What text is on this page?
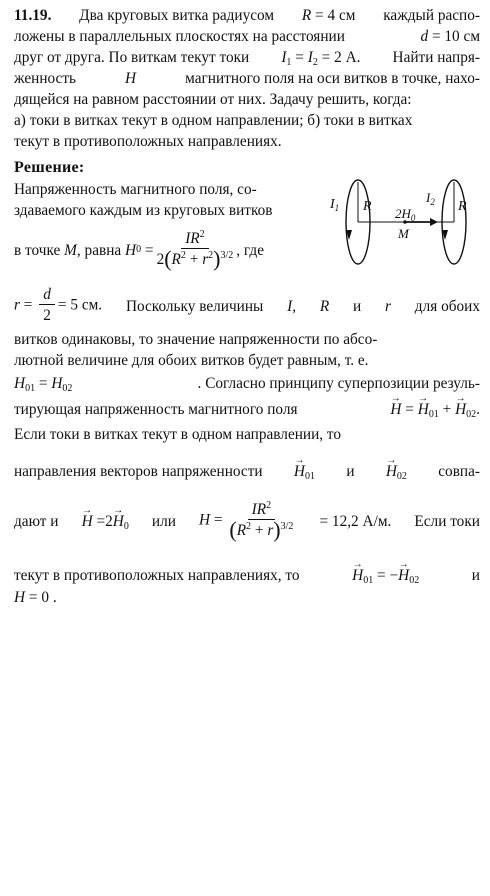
11.19. Два круговых витка радиусом R = 4 см каждый распо-
ложены в параллельных плоскостях на расстоянии	d = 10 см
друг от друга. По виткам текут токи $I_1 = I_2 = 2$ А. Найти напря-
женность	H	магнитного поля на оси витков в точке, нахо-
дящейся на равном расстоянии от них. Задачу решить, когда:
а) токи в витках текут в одном направлении; б) токи в витках
текут в противоположных направлениях.
Решение:
Напряженность магнитного поля, со-
здаваемого каждым из круговых витков
в точке
M , равна
H 0
= $\frac{IR^2}{2(R^2 + r^2)^{3/2}}$ , где
$r = \frac{d}{2} = 5$ см. Поскольку величины I, R и r для обоих
витков одинаковы, то значение напряженности по абсо-
лютной величине для обоих витков будет равным, т. е.
$H_{01} = H_{02}$	. Согласно принципу суперпозиции резуль-
тирующая напряженность магнитного поля
→	H = → $H_{01}$ + → $H_{02}$.
Если токи в витках текут в одном направлении, то
направления векторов напряженности
→ $H_{01}$ и
→ $H_{02}$ совпа-
дают и
→ $H =2\to H_0$ или $H = \frac{IR^2}{(R^2 + r)^{3/2}} = 12,2$ А/м. Если токи
текут в противоположных направлениях, то
→	$H_{01}$ = −→ $H_{02}$	и
H = 0 .
$I_1$ R $2H_0$
$I_2$ R
M
